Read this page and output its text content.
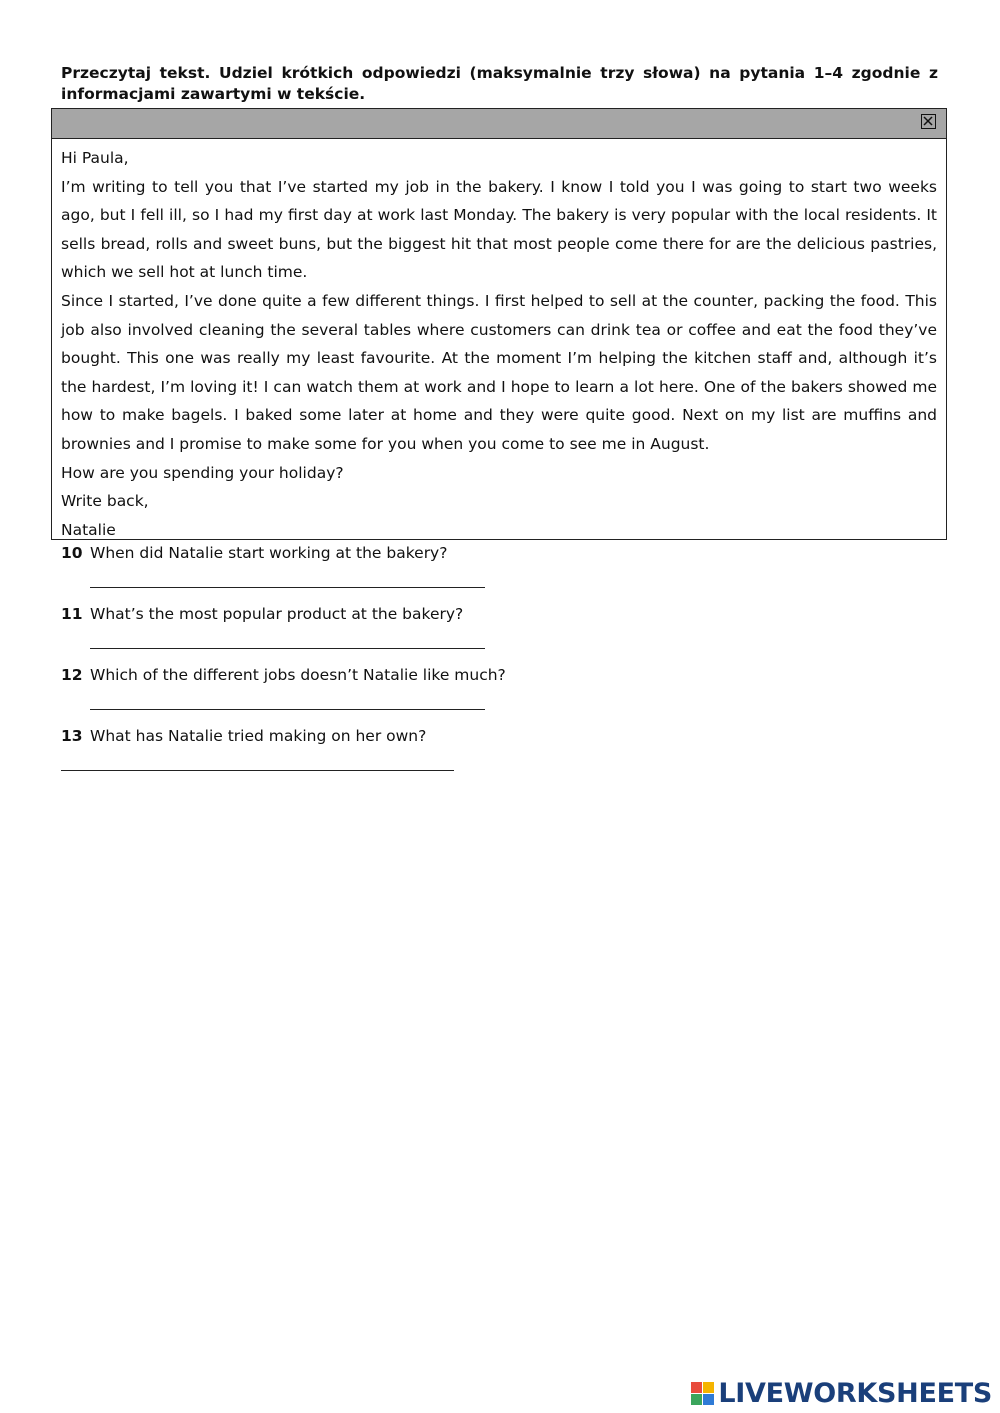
Przeczytaj tekst. Udziel krótkich odpowiedzi (maksymalnie trzy słowa) na pytania 1–4 zgodnie z informacjami zawartymi w tekście.

Hi Paula,

I’m writing to tell you that I’ve started my job in the bakery. I know I told you I was going to start two weeks ago, but I fell ill, so I had my first day at work last Monday. The bakery is very popular with the local residents. It sells bread, rolls and sweet buns, but the biggest hit that most people come there for are the delicious pastries, which we sell hot at lunch time.

Since I started, I’ve done quite a few different things. I first helped to sell at the counter, packing the food. This job also involved cleaning the several tables where customers can drink tea or coffee and eat the food they’ve bought. This one was really my least favourite. At the moment I’m helping the kitchen staff and, although it’s the hardest, I’m loving it! I can watch them at work and I hope to learn a lot here. One of the bakers showed me how to make bagels. I baked some later at home and they were quite good. Next on my list are muffins and brownies and I promise to make some for you when you come to see me in August.

How are you spending your holiday?

Write back,

Natalie

10 When did Natalie start working at the bakery?
11 What’s the most popular product at the bakery?
12 Which of the different jobs doesn’t Natalie like much?
13 What has Natalie tried making on her own?
LIVEWORKSHEETS
